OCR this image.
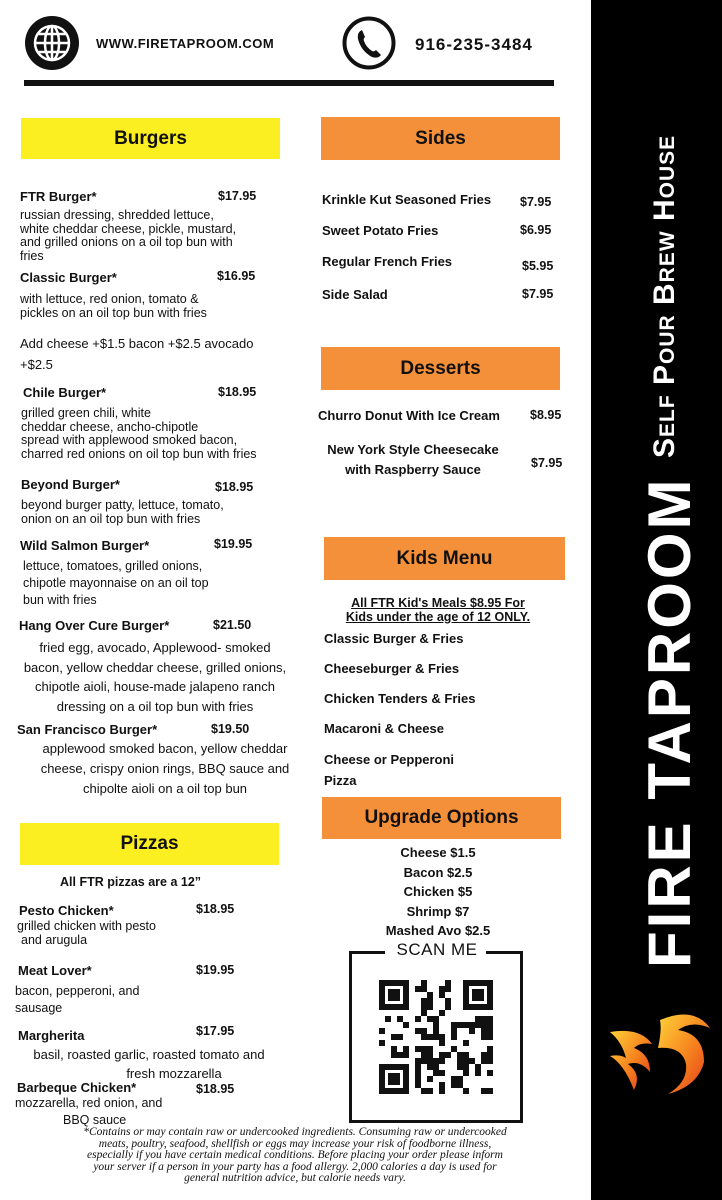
WWW.FIRETAPROOM.COM	916-235-3484
Burgers
FTR Burger*	$17.95
russian dressing, shredded lettuce,
white cheddar cheese, pickle, mustard,
and grilled onions on a oil top bun with
fries
Classic Burger*	$16.95
with lettuce, red onion, tomato &
pickles on an oil top bun with fries
Add cheese +$1.5 bacon +$2.5 avocado
+$2.5
Chile Burger*	$18.95
grilled green chili, white
cheddar cheese, ancho-chipotle
spread with applewood smoked bacon,
charred red onions on oil top bun with fries
Beyond Burger*	$18.95
beyond burger patty, lettuce, tomato,
onion on an oil top bun with fries
Wild Salmon Burger*	$19.95
lettuce, tomatoes, grilled onions,
chipotle mayonnaise on an oil top
bun with fries
Hang Over Cure Burger*	$21.50
fried egg, avocado, Applewood- smoked
bacon, yellow cheddar cheese, grilled onions,
chipotle aioli, house-made jalapeno ranch
dressing on a oil top bun with fries
San Francisco Burger*	$19.50
applewood smoked bacon, yellow cheddar
cheese, crispy onion rings, BBQ sauce and
chipolte aioli on a oil top bun
Pizzas
All FTR pizzas are a 12”
Pesto Chicken*	$18.95
grilled chicken with pesto
and arugula
Meat Lover*	$19.95
bacon, pepperoni, and
sausage
Margherita	$17.95
basil, roasted garlic, roasted tomato and
fresh mozzarella
Barbeque Chicken*	$18.95
mozzarella, red onion, and
BBQ sauce
Sides
Krinkle Kut Seasoned Fries $7.95
Sweet Potato Fries	$6.95
Regular French Fries	$5.95
Side Salad	$7.95
Desserts
Churro Donut With Ice Cream $8.95
New York Style Cheesecake
with Raspberry Sauce	$7.95
Kids Menu
All FTR Kid's Meals $8.95 For
Kids under the age of 12 ONLY.
Classic Burger & Fries
Cheeseburger & Fries
Chicken Tenders & Fries
Macaroni & Cheese
Cheese or Pepperoni
Pizza
Upgrade Options
Cheese $1.5
Bacon $2.5
Chicken $5
Shrimp $7
Mashed Avo $2.5
SCAN ME
*Contains or may contain raw or undercooked ingredients. Consuming raw or undercooked
meats, poultry, seafood, shellfish or eggs may increase your risk of foodborne illness,
especially if you have certain medical conditions. Before placing your order please inform
your server if a person in your party has a food allergy. 2,000 calories a day is used for
general nutrition advice, but calorie needs vary.
FIRE TAPROOM
Self Pour Brew House
